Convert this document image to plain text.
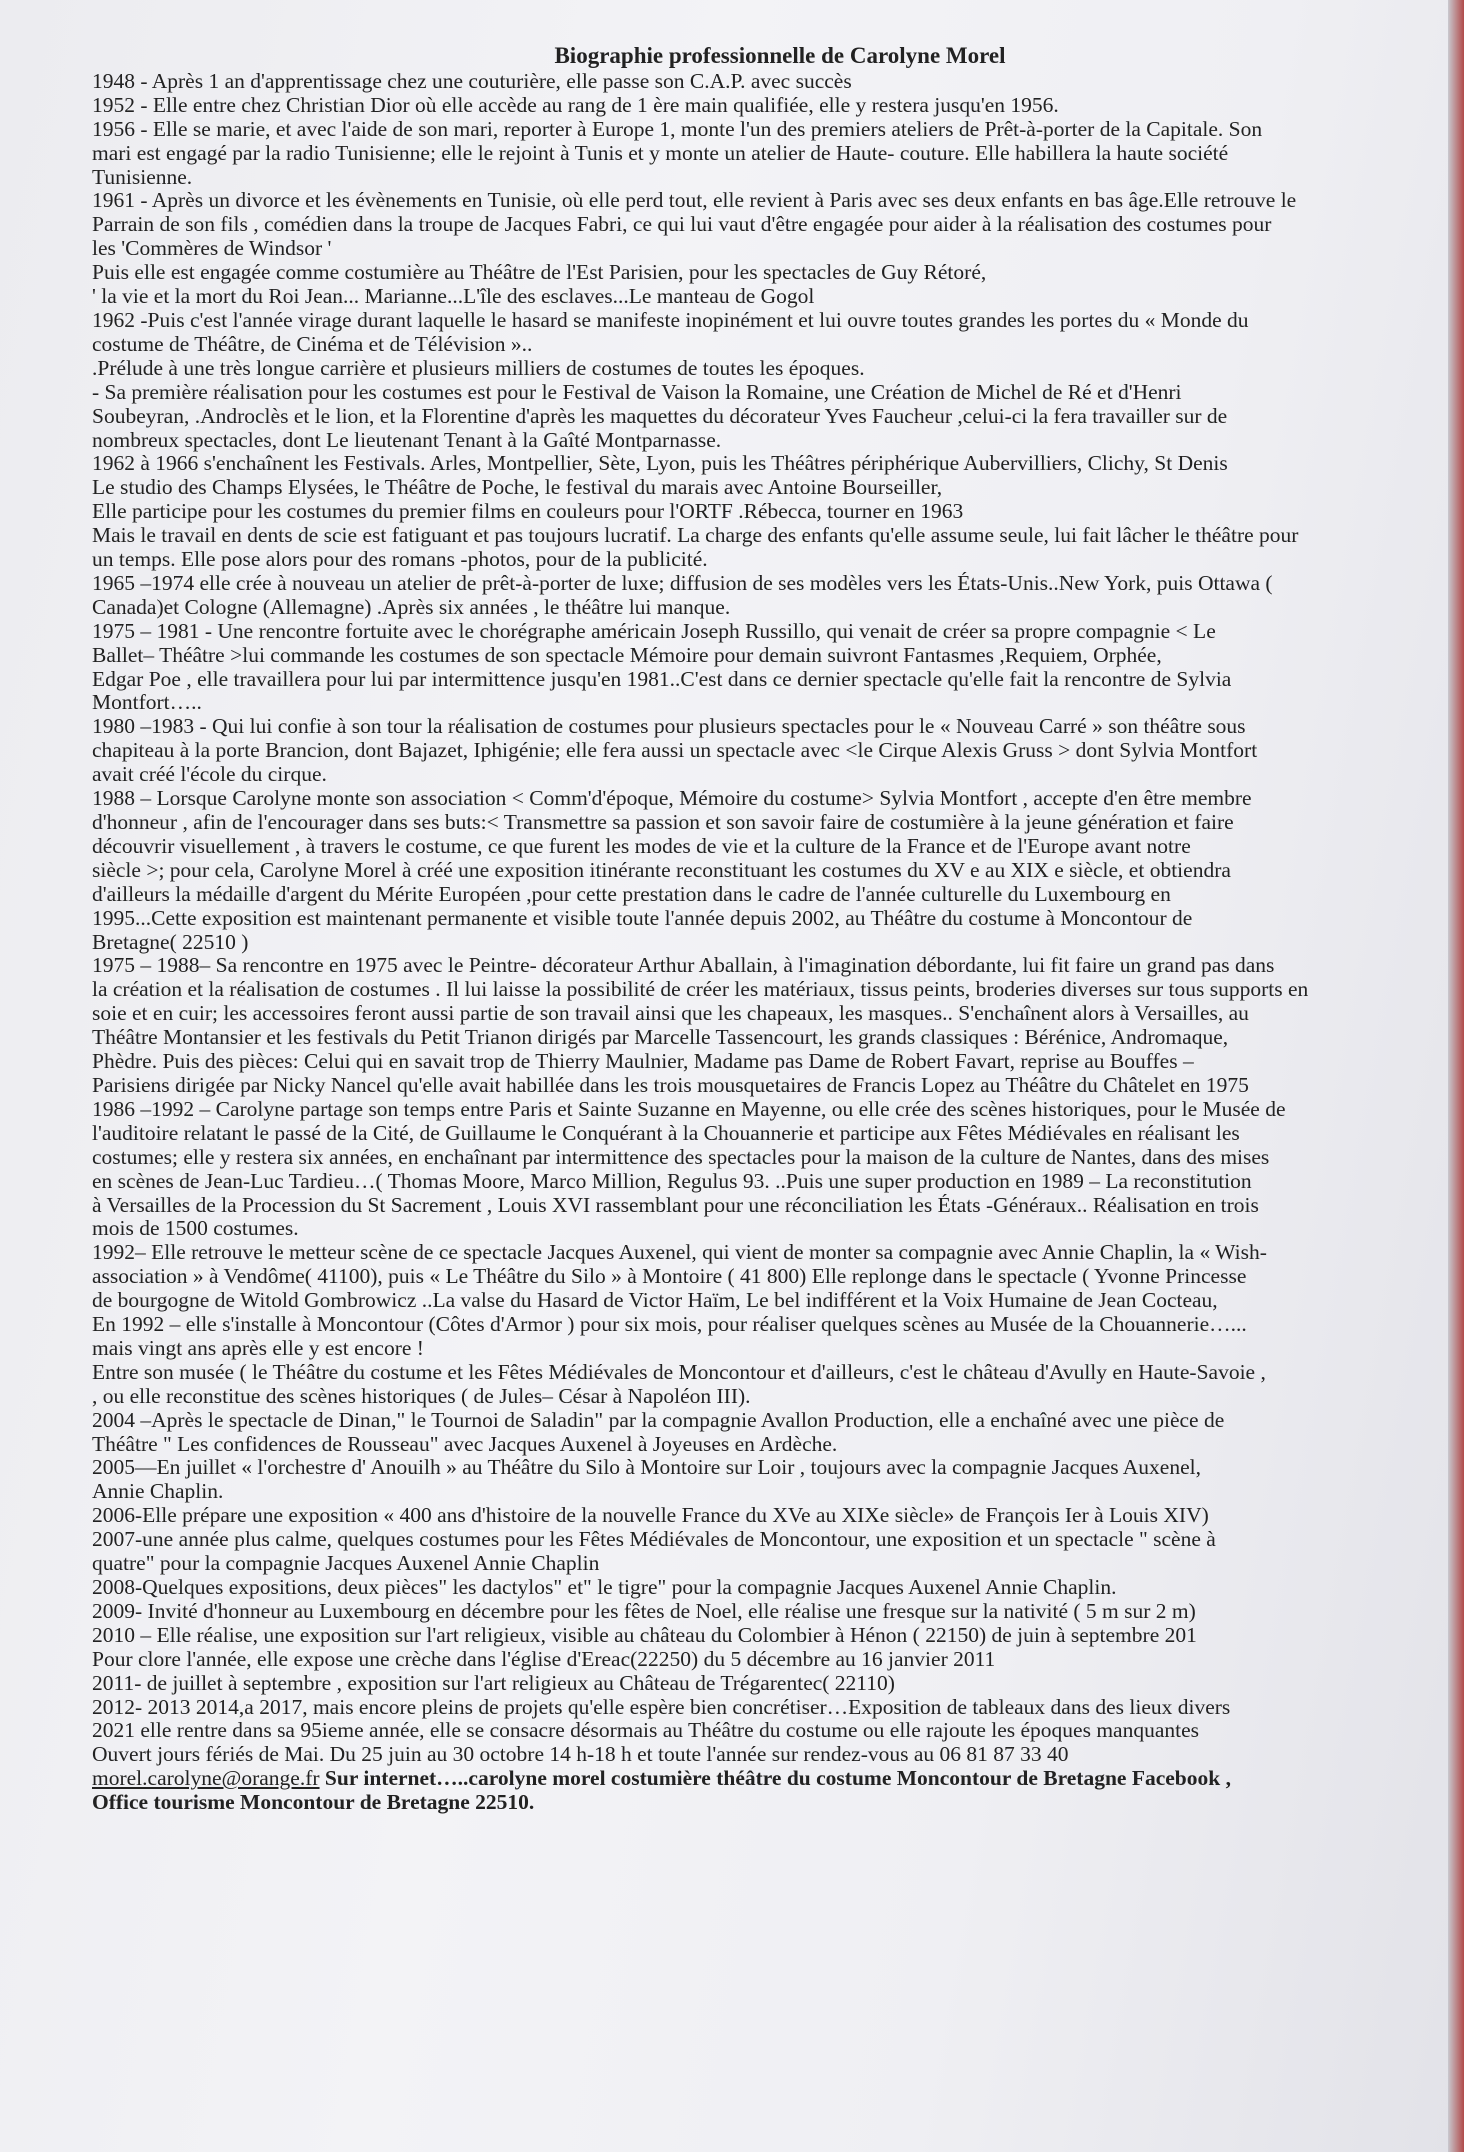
Biographie professionnelle de Carolyne Morel
1948 - Après 1 an d'apprentissage chez une couturière, elle passe son C.A.P. avec succès
1952 - Elle entre chez Christian Dior où elle accède au rang de 1 ère main qualifiée, elle y restera jusqu'en 1956.
1956 - Elle se marie, et avec l'aide de son mari, reporter à Europe 1, monte l'un des premiers ateliers de Prêt-à-porter de la Capitale. Son
mari est engagé par la radio Tunisienne; elle le rejoint à Tunis et y monte un atelier de Haute- couture. Elle habillera la haute société
Tunisienne.
1961 - Après un divorce et les évènements en Tunisie, où elle perd tout, elle revient à Paris avec ses deux enfants en bas âge.Elle retrouve le
Parrain de son fils , comédien dans la troupe de Jacques Fabri, ce qui lui vaut d'être engagée pour aider à la réalisation des costumes pour
les 'Commères de Windsor '
Puis elle est engagée comme costumière au Théâtre de l'Est Parisien, pour les spectacles de Guy Rétoré,
' la vie et la mort du Roi Jean... Marianne...L'île des esclaves...Le manteau de Gogol
1962 -Puis c'est l'année virage durant laquelle le hasard se manifeste inopinément et lui ouvre toutes grandes les portes du « Monde du
costume de Théâtre, de Cinéma et de Télévision »..
.Prélude à une très longue carrière et plusieurs milliers de costumes de toutes les époques.
- Sa première réalisation pour les costumes est pour le Festival de Vaison la Romaine, une Création de Michel de Ré et d'Henri
Soubeyran, .Androclès et le lion, et la Florentine d'après les maquettes du décorateur Yves Faucheur ,celui-ci la fera travailler sur de
nombreux spectacles, dont Le lieutenant Tenant à la Gaîté Montparnasse.
1962 à 1966 s'enchaînent les Festivals. Arles, Montpellier, Sète, Lyon, puis les Théâtres périphérique Aubervilliers, Clichy, St Denis
Le studio des Champs Elysées, le Théâtre de Poche, le festival du marais avec Antoine Bourseiller,
Elle participe pour les costumes du premier films en couleurs pour l'ORTF .Rébecca, tourner en 1963
Mais le travail en dents de scie est fatiguant et pas toujours lucratif. La charge des enfants qu'elle assume seule, lui fait lâcher le théâtre pour
un temps. Elle pose alors pour des romans -photos, pour de la publicité.
1965 –1974 elle crée à nouveau un atelier de prêt-à-porter de luxe; diffusion de ses modèles vers les États-Unis..New York, puis Ottawa (
Canada)et Cologne (Allemagne) .Après six années , le théâtre lui manque.
1975 – 1981 - Une rencontre fortuite avec le chorégraphe américain Joseph Russillo, qui venait de créer sa propre compagnie < Le
Ballet– Théâtre >lui commande les costumes de son spectacle Mémoire pour demain suivront Fantasmes ,Requiem, Orphée,
Edgar Poe , elle travaillera pour lui par intermittence jusqu'en 1981..C'est dans ce dernier spectacle qu'elle fait la rencontre de Sylvia
Montfort…..
1980 –1983 - Qui lui confie à son tour la réalisation de costumes pour plusieurs spectacles pour le « Nouveau Carré » son théâtre sous
chapiteau à la porte Brancion, dont Bajazet, Iphigénie; elle fera aussi un spectacle avec <le Cirque Alexis Gruss > dont Sylvia Montfort
avait créé l'école du cirque.
1988 – Lorsque Carolyne monte son association < Comm'd'époque, Mémoire du costume> Sylvia Montfort , accepte d'en être membre
d'honneur , afin de l'encourager dans ses buts:< Transmettre sa passion et son savoir faire de costumière à la jeune génération et faire
découvrir visuellement , à travers le costume, ce que furent les modes de vie et la culture de la France et de l'Europe avant notre
siècle >; pour cela, Carolyne Morel à créé une exposition itinérante reconstituant les costumes du XV e au XIX e siècle, et obtiendra
d'ailleurs la médaille d'argent du Mérite Européen ,pour cette prestation dans le cadre de l'année culturelle du Luxembourg en
1995...Cette exposition est maintenant permanente et visible toute l'année depuis 2002, au Théâtre du costume à Moncontour de
Bretagne( 22510 )
1975 – 1988– Sa rencontre en 1975 avec le Peintre- décorateur Arthur Aballain, à l'imagination débordante, lui fit faire un grand pas dans
la création et la réalisation de costumes . Il lui laisse la possibilité de créer les matériaux, tissus peints, broderies diverses sur tous supports en
soie et en cuir; les accessoires feront aussi partie de son travail ainsi que les chapeaux, les masques.. S'enchaînent alors à Versailles, au
Théâtre Montansier et les festivals du Petit Trianon dirigés par Marcelle Tassencourt, les grands classiques : Bérénice, Andromaque,
Phèdre. Puis des pièces: Celui qui en savait trop de Thierry Maulnier, Madame pas Dame de Robert Favart, reprise au Bouffes –
Parisiens dirigée par Nicky Nancel qu'elle avait habillée dans les trois mousquetaires de Francis Lopez au Théâtre du Châtelet en 1975
1986 –1992 – Carolyne partage son temps entre Paris et Sainte Suzanne en Mayenne, ou elle crée des scènes historiques, pour le Musée de
l'auditoire relatant le passé de la Cité, de Guillaume le Conquérant à la Chouannerie et participe aux Fêtes Médiévales en réalisant les
costumes; elle y restera six années, en enchaînant par intermittence des spectacles pour la maison de la culture de Nantes, dans des mises
en scènes de Jean-Luc Tardieu…( Thomas Moore, Marco Million, Regulus 93. ..Puis une super production en 1989 – La reconstitution
à Versailles de la Procession du St Sacrement , Louis XVI rassemblant pour une réconciliation les États -Généraux.. Réalisation en trois
mois de 1500 costumes.
1992– Elle retrouve le metteur scène de ce spectacle Jacques Auxenel, qui vient de monter sa compagnie avec Annie Chaplin, la « Wish-
association » à Vendôme( 41100), puis « Le Théâtre du Silo » à Montoire ( 41 800) Elle replonge dans le spectacle ( Yvonne Princesse
de bourgogne de Witold Gombrowicz ..La valse du Hasard de Victor Haïm, Le bel indifférent et la Voix Humaine de Jean Cocteau,
En 1992 – elle s'installe à Moncontour (Côtes d'Armor ) pour six mois, pour réaliser quelques scènes au Musée de la Chouannerie…...
mais vingt ans après elle y est encore !
Entre son musée ( le Théâtre du costume et les Fêtes Médiévales de Moncontour et d'ailleurs, c'est le château d'Avully en Haute-Savoie ,
, ou elle reconstitue des scènes historiques ( de Jules– César à Napoléon III).
2004 –Après le spectacle de Dinan," le Tournoi de Saladin" par la compagnie Avallon Production, elle a enchaîné avec une pièce de
Théâtre " Les confidences de Rousseau" avec Jacques Auxenel à Joyeuses en Ardèche.
2005—En juillet « l'orchestre d' Anouilh » au Théâtre du Silo à Montoire sur Loir , toujours avec la compagnie Jacques Auxenel,
Annie Chaplin.
2006-Elle prépare une exposition « 400 ans d'histoire de la nouvelle France du XVe au XIXe siècle» de François Ier à Louis XIV)
2007-une année plus calme, quelques costumes pour les Fêtes Médiévales de Moncontour, une exposition et un spectacle " scène à
quatre" pour la compagnie Jacques Auxenel Annie Chaplin
2008-Quelques expositions, deux pièces" les dactylos" et" le tigre" pour la compagnie Jacques Auxenel Annie Chaplin.
2009- Invité d'honneur au Luxembourg en décembre pour les fêtes de Noel, elle réalise une fresque sur la nativité ( 5 m sur 2 m)
2010 – Elle réalise, une exposition sur l'art religieux, visible au château du Colombier à Hénon ( 22150) de juin à septembre 201
Pour clore l'année, elle expose une crèche dans l'église d'Ereac(22250) du 5 décembre au 16 janvier 2011
2011- de juillet à septembre , exposition sur l'art religieux au Château de Trégarentec( 22110)
2012- 2013 2014,a 2017, mais encore pleins de projets qu'elle espère bien concrétiser…Exposition de tableaux dans des lieux divers
2021 elle rentre dans sa 95ieme année, elle se consacre désormais au Théâtre du costume ou elle rajoute les époques manquantes
Ouvert jours fériés de Mai. Du 25 juin au 30 octobre 14 h-18 h et toute l'année sur rendez-vous au 06 81 87 33 40
morel.carolyne@orange.fr Sur internet…..carolyne morel costumière théâtre du costume Moncontour de Bretagne Facebook ,
Office tourisme Moncontour de Bretagne 22510.
